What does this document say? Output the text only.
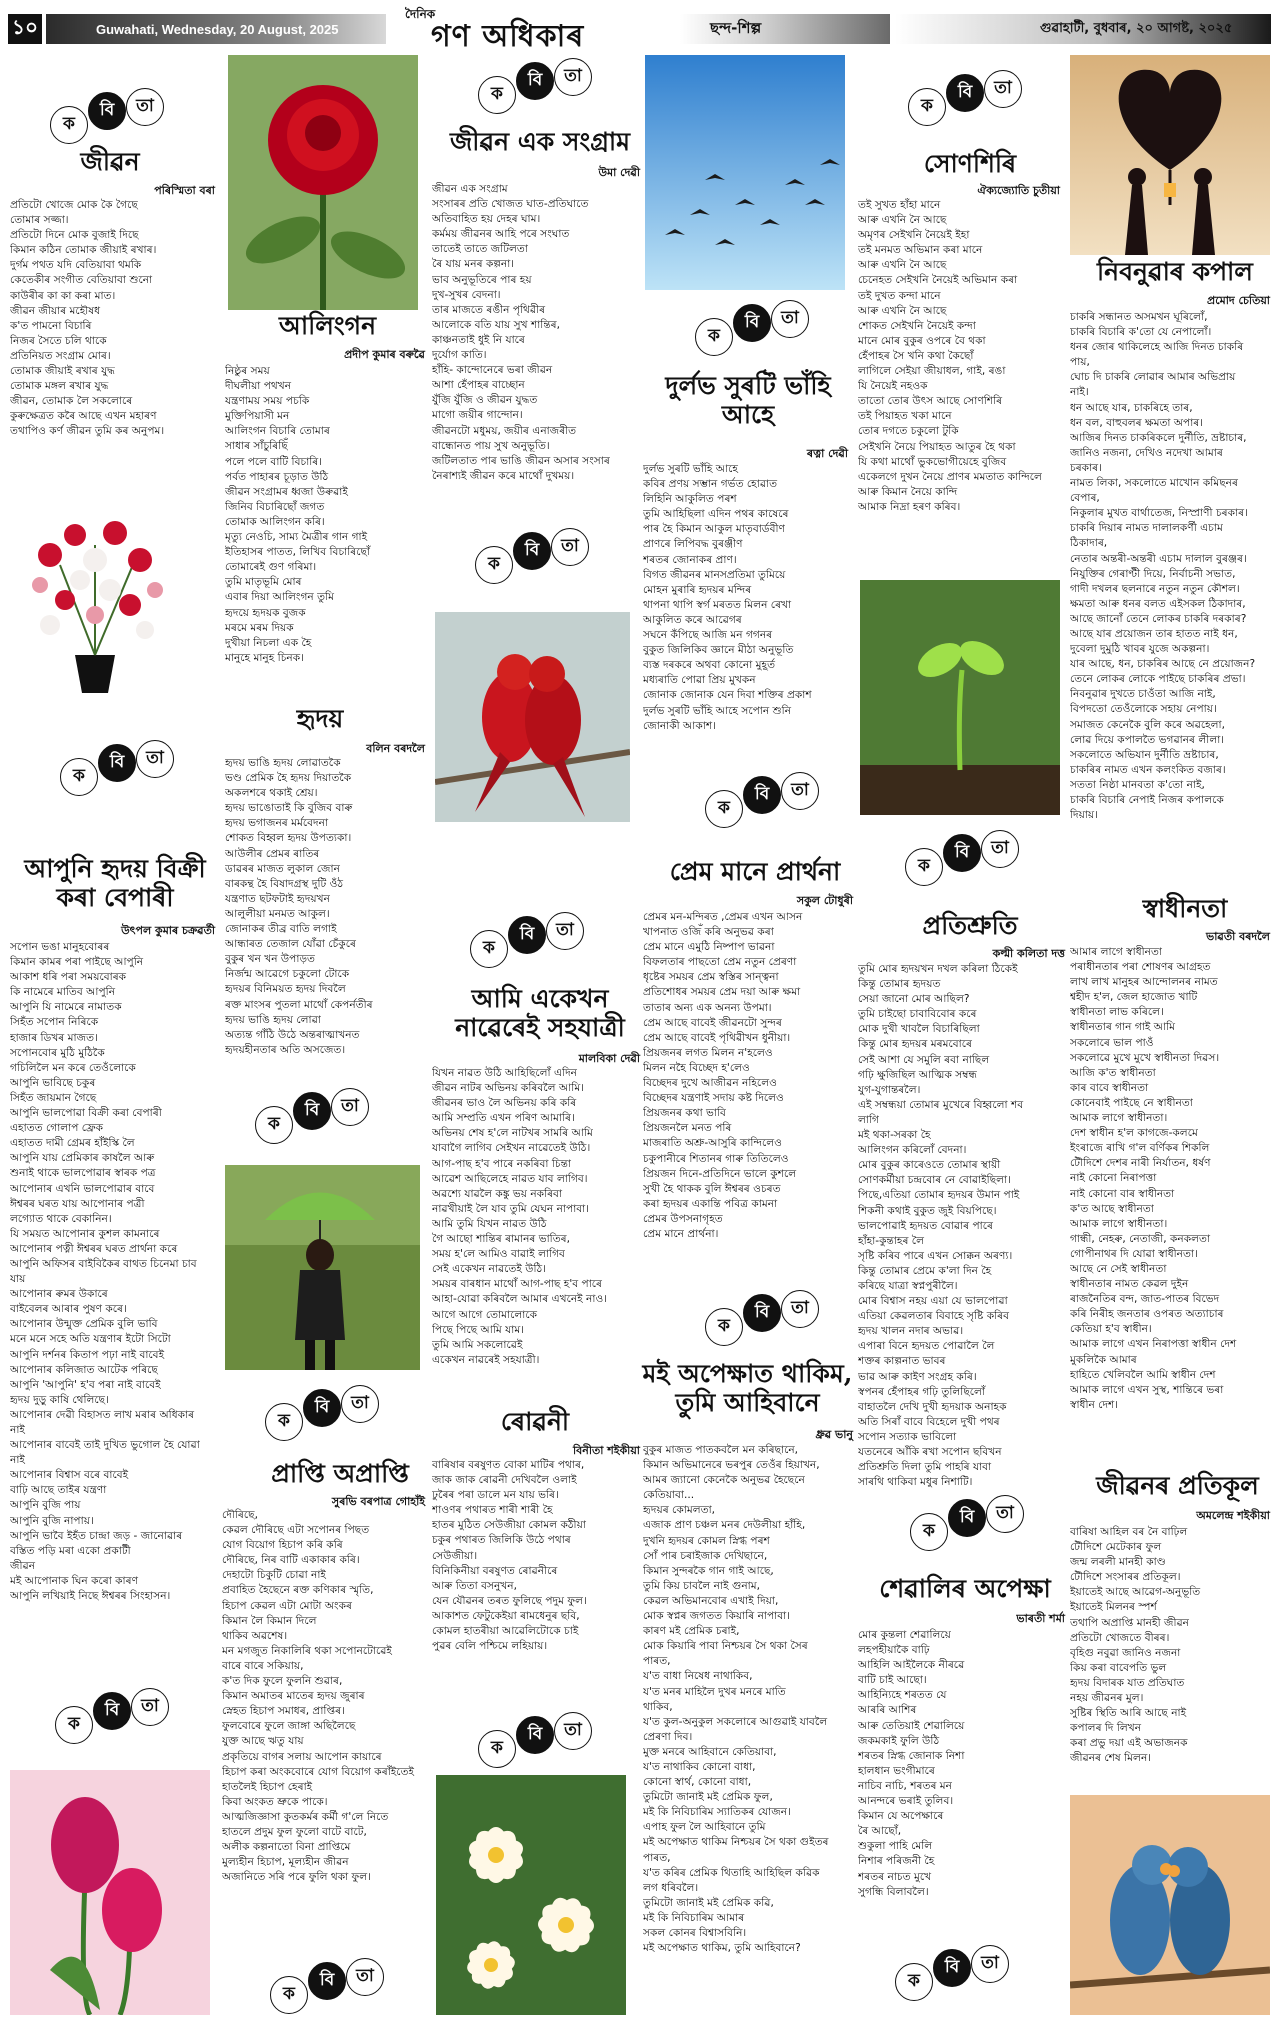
১০	Guwahati, Wednesday, 20 August, 2025
দৈনিক
গণ অধিকাৰ	ছন্দ-শিল্প	গুৱাহাটী, বুধবাৰ, ২০ আগষ্ট, ২০২৫
ক
বি	তা
জীৱন
পৰিস্মিতা বৰা
প্ৰতিটো খোজে মোক কৈ গৈছে
তোমাৰ সজ্জা।
প্ৰতিটো দিনে মোক বুজাই দিছে
কিমান কঠিন তোমাক জীয়াই ৰখাৰ।
দুৰ্গম পথত যদি বেতিয়াবা থমকি
কেতেকীৰ সংগীত বেতিয়াবা শুনো
কাউৰীৰ কা কা কৰা মাত।
জীৱন জীয়াৰ মহৌষধ
ক'ত পামনো বিচাৰি
নিজৰ সৈতে চলি থাকে
প্ৰতিনিয়ত সংগ্ৰাম মোৰ।
তোমাক জীয়াই ৰখাৰ যুদ্ধ
তোমাক মঙ্গল ৰখাৰ যুদ্ধ
জীৱন, তোমাক লৈ সকলোৰে
কুৰুক্ষেত্ৰত কৰৈ আছে এখন মহাৰণ
তথাপিও কৰ্ণ জীৱন তুমি কৰ অনুপম।
ক
বি	তা
আপুনি হৃদয় বিক্ৰী কৰা বেপাৰী
উৎপল কুমাৰ চক্ৰৱৰ্তী
সপোন ভঙা মানুহবোৰৰ
কিমান কামৰ পৰা পাইছে আপুনি
আকাশ ধৰি পৰা সময়বোৰক
কি নামেৰে মাতিব আপুনি
আপুনি যি নামেৰে নামাতক
সিহঁত সপোন নিৰিকে
হাজাৰ ডিখৰ মাজত।
সপোনবোৰ মুঠি মুঠিকৈ
গচিলিলৈ মন কৰে তেওঁলোকে
আপুনি ভাবিছে চকুৰ
সিহঁত জায়মান গৈছে
আপুনি ভালপোৱা বিক্ৰী কৰা বেপাৰী
এহাতত গোলাপ ফ্ৰেক
এহাতত দামী গ্ৰেমৰ হাঁইস্কি লৈ
আপুনি যায় প্ৰেমিকাৰ কাষলৈ আৰু
শুনাই থাকে ভালপোৱাৰ স্বাৰক পত্ৰ
আপোনাৰ এখনি ভালপোৱাৰ বাবে
ঈশ্বৰৰ ঘৰত যায় আপোনাৰ পত্ৰী
লগ্যোত থাকে বেকানিন।
যি সময়ত আপোনাৰ কুশল কামনাৰে
আপোনাৰ পত্নী ঈশ্বৰৰ ঘৰত প্ৰাৰ্থনা কৰে
আপুনি অফিসৰ বাইবিকৈৰ বাথত চিনেমা চাব
যায়
আপোনাৰ ৰুমৰ উকাৰে
বাইবেলৰ আৰাৰ পুষণ কৰে।
আপোনাৰ উন্মুক্ত প্ৰেমিক বুলি ভাবি
মনে মনে সহে অতি যন্ত্ৰণাৰ ইটো সিটো
আপুনি দৰ্শনৰ কিতাপ পঢ়া নাই বাবেই
আপোনাৰ কলিজাত আটেক পৰিছে
আপুনি 'আপুনি' হ'ব পৰা নাই বাবেই
হৃদয় দুড়ু কাষি থেলিছে।
আপোনাৰ দেৱী বিহাসত লাখ মৰাৰ অধিকাৰ
নাই
আপোনাৰ বাবেই তাই দুখিত ভুগোল হৈ যোৱা
নাই
আপোনাৰ বিশ্বাস বৰে বাবেই
বাঢ়ি আছে তাইৰ যন্ত্ৰণা
আপুনি বুজি পায়
আপুনি বুজি নাপায়।
আপুনি ভাবৈ ইহঁত চান্দ্ৰা জড় - জানোৱাৰ
বস্তিত পড়ি মৰা একো প্ৰকাটী
জীৱন
মই আপোনাক ঘিন কৰো কাৰণ
আপুনি লখিয়াই নিছে ঈশ্বৰৰ সিংহাসন।
ক
বি	তা
আলিংগন
প্ৰদীপ কুমাৰ বৰুৱৈ
নিষ্ঠুৰ সময়
দীঘলীয়া পথখন
যন্ত্ৰণাময় সময় পচকি
মুক্তিপিয়াসী মন
আলিংগন বিচাৰি তোমাৰ
সাধাৰ সাঁচুৰিছিঁ
পলে পলে বাটি বিচাৰি।
পৰ্বত পাহাৰৰ চূড়াত উঠি
জীৱন সংগ্ৰামৰ ধ্বজা উৰুৱাই
জিনিব বিচাৰিছোঁ জগত
তোমাক আলিংগন কৰি।
মৃত্যু নেওচি, সাম্য মৈত্ৰীৰ গান গাই
ইতিহাসৰ পাতত, লিখিব বিচাৰিছোঁ
তোমাৰেই গুণ গৰিমা।
তুমি মাতৃভূমি মোৰ
এবাৰ দিয়া আলিংগন তুমি
হৃদয়ে হৃদয়ক বুজক
মৰমে মৰম দিয়ক
দুখীয়া নিচলা এক হৈ
মানুহে মানুহ চিনক।
হৃদয়
বলিন বৰদলৈ
হৃদয় ভাঙি হৃদয় লোৱাতকৈ
ভণ্ড প্ৰেমিক হৈ হৃদয় দিয়াতকৈ
অকলশৰে থকাই শ্ৰেয়।
হৃদয় ভাঙোতাই কি বুজিব বাৰু
হৃদয় ভগাজনৰ মৰ্মবেদনা
শোকত বিহ্বল হৃদয় উপত্যকা।
আউলীৰ প্ৰেমৰ ৰাতিৰ
ডাৱৰৰ মাজত লুকাল জোন
বাৰকন্থ হৈ বিষাদগ্ৰস্থ দুটি ওঁঠ
যন্ত্ৰণাত ছটফটাই হৃদয়খন
আলুলীয়া মনমত আকুল।
জোনাকৰ তীব্ৰ বাতি লগাই
আন্ধাৰত তেজাল যোঁৱা চেঁকুৰে
বুকুৰ খন খন উপাড়ত
নিৰ্জন্ম আৱেগে চকুলো টোকে
হৃদয়ৰ বিনিময়ত হৃদয় দিবলৈ
ৰক্ত মাংসৰ পুতলা মাথোঁ কেপৰ্নতীৰ
হৃদয় ভাঙি হৃদয় লোৱা
অত্যন্ত গাঁঠি উঠে অন্তৰাত্মাখনত
হৃদয়হীনতাৰ অতি অসজেত।
ক
বি	তা
ক
বি	তা
প্ৰাপ্তি অপ্ৰাপ্তি
সুৰভি বৰপাত্ৰ গোহাঁই
দৌৰিছে,
কেৱল দৌৰিছে এটা সপোনৰ পিছত
যোগ বিয়োগ হিচাপ কৰি কৰি
দৌৰিছে, নিৰ বাটি একাকাৰ কৰি।
দেহাটো চিকুটি চোৱা নাই
প্ৰবাহিত হৈছেনে ৰক্ত কণিকাৰ স্মৃতি,
হিচাপ কেৱল এটা মোটা অংকৰ
কিমান লৈ কিমান দিলে
থাকিব অৱশেষ।
মন মগজুত নিকালিৰি থকা সপোনটোৱেই
বাৰে বাৰে সকিয়ায়,
ক'ত দিক ফুলে ফুলনি শুৱাৰ,
কিমান অমাতৰ মাতেৰ হৃদয় জুৰাৰ
স্নেহত হিচাপ সমাধৰ, প্ৰাপ্তিৰ।
ফুলবোৰে ফুলে জাঙ্গা অছিলৈছে
যুক্ত আছে ঋতু যায়
প্ৰকৃতিয়ে বাগৰ সলায় আপোন কায়াৰে
হিচাপ কৰা অংকবোৰে যোগ বিয়োগ কৰাঁইতেই
হাতলৈই হিচাপ হেৰাই
কিবা অংকত ভ্ৰুকে পাকে।
আত্মজিজ্ঞাসা কুতকৰ্মৰ কৰ্মী গ'লে নিতে
হাতলে প্ৰদুম ফুল ফুলো বাটে বাটে,
অলীক কল্পনাতো বিনা প্ৰাপ্তিমে
মুল্যহীন হিচাপ, মূল্যহীন জীৱন
অজানিতে সৰি পৰে ফুলি থকা ফুল।
ক
বি	তা
ক
বি	তা
জীৱন এক সংগ্ৰাম
উমা দেৱী
জীৱন এক সংগ্ৰাম
সংসাৰৰ প্ৰতি খোজত ঘাত-প্ৰতিঘাতে
অতিবাহিত হয় দেহৰ ঘাম।
কৰ্মময় জীৱনৰ আহি পৰে সংঘাত
তাতেই তাতে জটিলতা
ৰৈ যায় মনৰ কল্পনা।
ভাব অনুভূতিৰে পাৰ হয়
দুখ-সুখৰ বেদনা।
তাৰ মাজতে ৰঙীন পৃথিৱীৰ
আলোকে বতি যায় সুখ শান্তিৰ,
কাঞ্চনতাই ধুই নি যাৰে
দুৰ্যোগ কাতি।
হাঁহি- কান্দোনেৰে ভৰা জীৱন
আশা হেঁপাহৰ বাচ্ছোন
যুঁজি যুঁজি ও জীৱন যুদ্ধত
মাগো জয়ীৰ গান্দোন।
জীৱনটো মধুময়, জয়ীৰ এনাজৰীত
বান্ধোনত পায় সুখ অনুভূতি।
জটিলতাত পাৰ ভাঙি জীৱন অসাৰ সংসাৰ
নৈৰাশ্যই জীৱন কৰে মাথোঁ দুখময়।
ক
বি	তা
ক
বি	তা
আমি একেখন নাৱেৰেই সহযাত্ৰী
মালবিকা দেৱী
যিখন নাৱত উঠি আহিছিলোঁ এদিন
জীৱন নাটৰ অভিনয় কৰিবলৈ আমি।
জীৱনৰ ভাও লৈ অভিনয় কৰি কৰি
আমি সম্প্ৰতি এখন পৰিণ আমাৰি।
অভিনয় শেষ হ'লে নাটখৰ সামৰি আমি
যাবাগৈ লাগিব সেইখন নাৱেতেই উঠি।
আগ-পাছ হ'ব পাৰে নকৰিবা চিন্তা
আৱেশ আছিলেহে নাৱত যাব লাগিব।
অৱশ্যে যাৱলৈ কঙ্কু ভয় নকৰিবা
নাৱখীয়াই লৈ যাব তুমি যেঘন নাপাবা।
আমি তুমি যিখন নাৱত উঠি
গৈ আছো শান্তিৰ ৰামানৰ ভাতিৰ,
সময় হ'লে আমিও বাৱাই লাগিব
সেই একেখন নাৱতেই উঠি।
সময়ৰ বাৰধান মাথোঁ আগ-পাছ হ'ব পাৰে
আহা-যোৱা কৰিবলৈ আমাৰ এখনেই নাও।
আগে আগে তোমালোকে
পিছে পিছে আমি যাম।
তুমি আমি সকলোৱেই
একেখন নাৱৰেই সহযাত্ৰী।
ৰোৱনী
বিনীতা শইকীয়া
বাৰিষাৰ বৰষুণত বোকা মাটিৰ পথাৰ,
জাক জাক ৰোৱনী দেখিবলৈ ওলাই
ঢুৰৈৰ পৰা ডালে মন যায় ভৰি।
শাওণৰ পথাৰত শাৰী শাৰী হৈ
হাতৰ মুঠিত সেউজীয়া কোমল কঠীয়া
চকুৰ পথাৰত জিলিকি উঠে পথাৰ
সেউজীয়া।
বিনিকিনীয়া বৰষুণত ৰোৱনীৰে
আৰু তিতা বসনুখন,
যেন যৌৱনৰ তৰত ফুলিছে পদুম ফুল।
আকাশত ফেটুকেইয়া ৰামধেনুৰ ছবি,
কোমল হাতৰীয়া আৱেলিটোকে চাই
পুৱৰ বেলি পশ্চিমে লহিয়ায়।
ক
বি	তা
ক
বি	তা
দুৰ্লভ সুৰটি ভাঁহি আহে
ৰত্না দেৱী
দুৰ্লভ সুৰটি ভাঁহি আহে
কবিৰ প্ৰণয় সম্ভান গৰ্ভত হোৱাত
লিহিনি আকুলিত পৰশ
তুমি আহিছিলা এদিন পথৰ কাষেৰে
পাৰ হৈ কিমান আকুল মাতৃবাৰ্ডবীণ
প্ৰাণৰে লিপিবদ্ধ বুৰঞ্জীণ
শৰতৰ জোনাকৰ প্ৰাণ।
বিগত জীৱনৰ মানসপ্ৰতিমা তুমিয়ে
মোহন মুৰাৰি হৃদয়ৰ মন্দিৰ
থাপনা থাপি স্বৰ্গ মৰতত মিলন ৰেখা
আকুলিত কৰে আৱেগৰ
সঘনে কঁপিছে আজি মন গগনৰ
বুকুত জিলিকিব জ্ঞানে মীঠা অনুভূতি
ব্যস্ত দৰকৰে অথবা কোনো মুহূৰ্ত
মধ্যৰাতি পোৱা প্ৰিয় মুখকন
জোনাক জোনাক যেন দিবা শক্তিৰ প্ৰকাশ
দুৰ্লভ সুৰটি ভাঁহি আহে সপোন শুনি
জোনাকী আকাশ।
ক
বি	তা
প্ৰেম মানে প্ৰাৰ্থনা
সকুল টোধুৰী
প্ৰেমৰ মন-মন্দিৰত ,প্ৰেমৰ এখন আসন
খাপনাত ওজিঁ কৰি অনুভৱ কৰা
প্ৰেম মানে এমুঠি নিষ্পাপ ভাৱনা
বিফলতাৰ পাছতো প্ৰেম নতুন প্ৰেৰণা
ধৃষ্টেৰ সময়ৰ প্ৰেম স্বস্তিৰ সান্ত্বনা
প্ৰতিশোধৰ সময়ৰ প্ৰেম দয়া আৰু ক্ষমা
তাতাৰ অন্য এক অনন্য উপমা।
প্ৰেম আছে বাবেই জীৱনটো সুন্দৰ
প্ৰেম আছে বাবেই পৃথিৱীখন ধুনীয়া।
প্ৰিয়জনৰ লগত মিলন ন'হলেও
মিলন নহৈ বিচ্ছেদ হ'লেও
বিচ্ছেদৰ দুখে আজীৱন নহিলেও
বিচ্ছেদৰ যন্ত্ৰণাই সদায় কষ্ট দিলেও
প্ৰিয়জনৰ কথা ভাবি
প্ৰিয়জনলৈ মনত পৰি
মাজৰাতি অশ্ৰু-আসুৰি কান্দিলেও
চকুপানীৰে শিতানৰ গাৰু তিতিলেও
প্ৰিয়জন দিনে-প্ৰতিদিনে ভালে কুশলে
সুখী হৈ থাকক বুলি ঈশ্বৰৰ ওচৰত
কৰা হৃদয়ৰ একান্তি পবিত্ৰ কামনা
প্ৰেমৰ উপসনাগৃহত
প্ৰেম মানে প্ৰাৰ্থনা।
ক
বি	তা
মই অপেক্ষাত থাকিম, তুমি আহিবানে
ধ্ৰুৱ ভানু
বুকুৰ মাজত পাতকবলৈ মন কৰিছানে,
কিমান অভিমানেৰে ভৰপুৰ তেওঁৰ হিয়াখন,
আমৰ জ্যানো কেনেকৈ অনুভৱ হৈছেনে
কেতিয়াবা...
হৃদয়ৰ কোমলতা,
এজাক প্ৰাণ চঞ্চল মনৰ দেউলীয়া হাঁহি,
দুখনি হৃদয়ৰ কোমল স্নিগ্ধ পৰশ
সোঁ পাৰ চৰাইজাক দেখিছানে,
কিমান সুন্দৰকৈ গান গাই আছে,
তুমি কিয় চাবলৈ নাই গুনাম,
কেৱল অভিমানবোৰ এখাই দিয়া,
মোক স্বপ্নৰ জগতত কিয়াৰি নাপাবা।
কাৰণ মই প্ৰেমিক চৰাই,
মোক কিয়াৰি পাবা নিশ্চয়ৰ সৈ থকা সৈৰ
পাৰত,
য'ত বাধা নিষেধ নাথাকিব,
য'ত মনৰ মাহিলৈ দুখৰ মনৰে মাতি
থাকিব,
য'ত কুল-অনুকুল সকলোৰে আগুৱাই যাবলৈ
প্ৰেৰণা দিব।
মুক্ত মনৰে আহিবানে কেতিয়াবা,
য'ত নাথাকিব কোনো বাধা,
কোনো স্বাৰ্থ, কোনো বাধা,
তুমিটো জানাই মই প্ৰেমিক ফুল,
মই কি নিবিচাৰিম স্যাতিকৰ যোজন।
এপাহ ফুল লৈ আহিবানে তুমি
মই অপেক্ষাত থাকিম নিশ্চয়ৰ সৈ থকা গুইতৰ
পাৰত,
য'ত কৰিৰ প্ৰেমিক থিতাহি আহিছিল কৱিক
লগ ধৰিবলৈ।
তুমিটো জানাই মই প্ৰেমিক কৱি,
মই কি নিবিচাৰিম আমাৰ
সকল কোনৰ বিশ্বাসবিনি।
মই অপেক্ষাত থাকিম, তুমি আহিবানে?
ক
বি	তা
সোণশিৰি
ঐক্যজ্যোতি চুতীয়া
তই সুখত হাঁহা মানে
আৰু এখনি নৈ আছে
অমৃণৰ সেইখনি নৈয়েই ইহা
তই মনমত অভিমান কৰা মানে
আৰু এখনি নৈ আছে
চেনেহত সেইখনি নৈয়েই অভিমান কৰা
তই দুখত কন্দা মানে
আৰু এখনি নৈ আছে
শোকত সেইখনি নৈয়েই কন্দা
মানে মোৰ বুকুৰ ওপৰে বৈ থকা
হেঁপাহৰ সৈ খনি কথা কৈছোঁ
লাগিলে সেইয়া জীয়াধল, গাই, ৰঙা
যি নৈয়েই নহওক
তাতো তোৰ উৎস আছে সোণশিৰি
তই পিয়াহত খকা মানে
তোৰ দগতে চকুলো টুকি
সেইখনি নৈয়ে পিয়াহত আতুৰ হৈ থকা
যি কথা মাথোঁ ভুকভোগীয়েহে বুজিব
একেলগে দুখন নৈয়ে প্ৰাণৰ মমতাত কান্দিলে
আৰু কিমান নৈয়ে কান্দি
আমাক নিদ্ৰা হৰণ কৰিব।
ক
বি	তা
প্ৰতিশ্ৰুতি
কল্মী কলিতা দত্ত
তুমি মোৰ হৃদয়খন দখল কৰিলা ঠিকেই
কিন্তু তোমাৰ হৃদয়ত
সেয়া জানো মোৰ আছিল?
তুমি চাইছো চাবাবিবোৰ কৰে
মোক দুখী খাবলৈ বিচাৰিছিলা
কিন্তু মোৰ হৃদয়ৰ মৰমবোৰে
সেই আশা যে সমুলি ৰবা নাছিল
গঢ়ি ক্ষুজিছিল আত্মিক সম্বন্ধ
যুগ-যুগান্তৰলৈ।
এই সম্বন্ধয়া তোমাৰ মুখেৰে বিহ্বলো শব
লাগি
মই থকা-সৰকা হৈ
আলিংগন কৰিলোঁ বেদনা।
মোৰ বুকুৰ কাৰেওতে তোমাৰ স্থায়ী
সোণকৰ্মীয়া চন্দ্ৰবোৰ নে বোৱাইছিলা।
পিছে,এতিয়া তোমাৰ হৃদয়ৰ উমান পাই
শিকনী কথাই বুকুত জুই বিয়পিছে।
ভালপোৱাই হৃদয়ত বোৱাৰ পাৰে
হাঁহা-কুন্তাহৰ লৈ
সৃষ্টি কৰিব পাৰে এখন সোক্কন অৰণ্য।
কিন্তু তোমাৰ প্ৰেমে ক'লা দিন হৈ
কৰিছে যাত্ৰা স্বপ্নপুৰীলৈ।
মোৰ বিশ্বাস নহয় এয়া যে ভালপোৱা
এতিয়া কেৱলতাৰ বিবাহে সৃষ্টি কৰিব
হৃদয় খালন নদাৰ অভাৱ।
এপাৰা বিনে হৃদয়ত পোৱালৈ লৈ
শক্তৰ কাল্পনাত ভাবৰ
ভাৱ আৰু কাইণ সংগ্ৰহ কৰি।
স্বপনৰ হেঁপাহৰ গঢ়ি তুলিছিলোঁ
বাহাতলৈ দেখি দুখী হৃদয়াক অনাহক
অতি সিৰাঁ বাবে বিহেলে দুখী পথৰ
সপোন সত্যাক ভাবিলো
যতনেৰে আঁকি ৰখা সপোন ছবিখন
প্ৰতিশ্ৰুতি দিলা তুমি পাহৰি যাবা
সাৰথি থাকিবা মধুৰ নিশাটি।
ক
বি	তা
শেৱালিৰ অপেক্ষা
ভাৰতী শৰ্মা
মোৰ কুন্তলা শেৱালিয়ে
লহপহীয়াকৈ বাঢ়ি
আহিলি আইলৈকে নীৰৱে
বাটি চাই আছো।
আহিন্যিহে শৰতত যে
আৰৰি আশিৰ
আৰু তেতিয়াই শেৱালিয়ে
জকমকাই ফুলি উঠি
শৰতৰ স্নিগ্ধ জোনাক নিশা
হালধান ভংগীমাৰে
নাচিব নাচি, শৰতৰ মন
আনন্দৰে ভৰাই তুলিব।
কিমান যে অপেক্ষাৰে
ৰৈ আছোঁ,
শুকুলা পাহি মেলি
নিশাৰ পৰিজনী হৈ
শৰতৰ নাচত মুখে
সুগন্ধি বিলাবলৈ।
ক
বি	তা
নিবনুৱাৰ কপাল
প্ৰমোদ চেতিয়া
চাকৰি সন্ধানত অসমখন ঘূৰিলোঁ,
চাকৰি বিচাৰি ক'তো যে নেপালোঁ।
ধনৰ জোৰ থাকিলেহে আজি দিনত চাকৰি
পায়,
ঘোচ দি চাকৰি লোৱাৰ আমাৰ অভিপ্ৰায়
নাই।
ধন আছে যাৰ, চাকৰিহে তাৰ,
ধন বল, বাহুবলৰ ক্ষমতা অপাৰ।
আজিৰ দিনত চাকৰিকলে দুৰ্নীতি, ভ্ৰষ্টাচাৰ,
জানিও নজনা, দেখিও নদেখা আমাৰ
চৰকাৰ।
নামত লিকা, সকলোতে মাখোন কমিছনৰ
বেপাৰ,
নিকুলাৰ মুখত বাৰ্থাতেজ, নিস্প্ৰাণী চৰকাৰ।
চাকৰি দিয়াৰ নামত দালালকৰ্ণী এচাম
ঠিকাদাৰ,
নেতাৰ অন্তৰী-অন্তৰী এচাম দালাল বুৰঞ্জৰ।
নিযুক্তিৰ গেৰাণ্টী দিয়ে, নিৰ্বাচনী সভাত,
গাদী দখলৰ ছলনাৰে নতুন নতুন কৌশল।
ক্ষমতা আৰু ধনৰ বলত এইসকল ঠিকাদাৰ,
আছে জানোঁ তেনে লোকৰ চাকৰি দৰকাৰ?
আছে যাৰ প্ৰয়োজন তাৰ হাতত নাই ধন,
দুবেলা দুমুঠি খাবৰ যুজে অকল্পনা।
যাৰ আছে, ধন, চাকৰিৰ আছে নে প্ৰয়োজন?
তেনে লোকৰ লোকে পাইছে চাকৰিৰ প্ৰভা।
নিবনুৱাৰ দুখতে চাওঁতা আজি নাই,
বিপদতো তেওঁলোকে সহায় নেপায়।
সমাজত কেনেকৈ বুলি কৰে অৱহেলা,
লোৱ দিয়ে কপালতৈ ভগৱানৰ লীলা।
সকলোতে অভিযান দুৰ্নীতি ভ্ৰষ্টাচাৰ,
চাকৰিৰ নামত এখন কলংকিত বজাৰ।
সততা নিষ্ঠা মানবতা ক'তো নাই,
চাকৰি বিচাৰি নেপাই নিজৰ কপালকে
দিয়ায়।
স্বাধীনতা
ভাৱতী বৰদলৈ
আমাৰ লাগে স্বাধীনতা
পৰাধীনতাৰ পৰা শোষণৰ আগ্ৰহত
লাখ লাখ মানুহৰ আন্দোলনৰ নামত
শ্বহীদ হ'ল, জেল হাজোত খাটি
স্বাধীনতা লাভ কৰিলে।
স্বাধীনতাৰ গান গাই আমি
সকলোৰে ভাল পাওঁ
সকলোৱে মুখে মুখে স্বাধীনতা দিৱস।
আজি ক'ত স্বাধীনতা
কাৰ বাবে স্বাধীনতা
কোনেবাই পাইছে নে স্বাধীনতা
আমাক লাগে স্বাধীনতা।
দেশ স্বাধীন হ'ল কাগজে-কলমে
ইংৰাজে ৰাখি গ'ল বৰ্ণিকৰ শিকলি
টৌদিশে দেশৰ নাৰী নিৰ্যাতন, ধৰ্ষণ
নাই কোনো নিৰাপত্তা
নাই কোনো বাৰ স্বাধীনতা
ক'ত আছে স্বাধীনতা
আমাক লাগে স্বাধীনতা।
গান্ধী, নেহৰু, নেতাজী, কনকলতা
গোপীনাথৰ দি যোৱা স্বাধীনতা।
আছে নে সেই স্বাধীনতা
স্বাধীনতাৰ নামত কেৱল দুইন
ৰাজনৈতিৰ বন্দ, জাত-পাতৰ বিভেদ
কৰি নিৰীহ জনতাৰ ওপৰত অত্যাচাৰ
কেতিয়া হ'ব স্বাধীন।
আমাক লাগে এখন নিৰাপত্তা স্বাধীন দেশ
মুকলিকৈ আমাৰ
হাহিতে খেলিবলৈ আমি স্বাধীন দেশ
আমাক লাগে এখন সুস্থ, শান্তিৰে ভৰা
স্বাধীন দেশ।
জীৱনৰ প্ৰতিকূল
অমলেন্দ্ৰ শইকীয়া
বাৰিষা আহিল বৰ নৈ বাঢ়িল
টৌদিশে মেটেকাৰ ফুল
জন্ম লৰলী মানহী কাণ্ড
টৌদিশে সংসাৰৰ প্ৰতিকূল।
ইয়াতেই আছে আৱেগ-অনুভূতি
ইয়াতেই মিলনৰ স্পৰ্শ
তথাপি অপ্ৰাপ্তি মানহী জীৱন
প্ৰতিটো খোজতে বীৰৰ।
বৃহিগু নবুৱা জানিও নজনা
কিয় কৰা বাবেপতি ভুল
হৃদয় বিদাৰক যাত প্ৰতিঘাত
নহয় জীৱনৰ মুল।
সুষ্টিৰ স্থিতি আৰি আছে নাই
কপালৰ দি লিখন
কৰা প্ৰভু দয়া এই অভাজনক
জীৱনৰ শেষ মিলন।
